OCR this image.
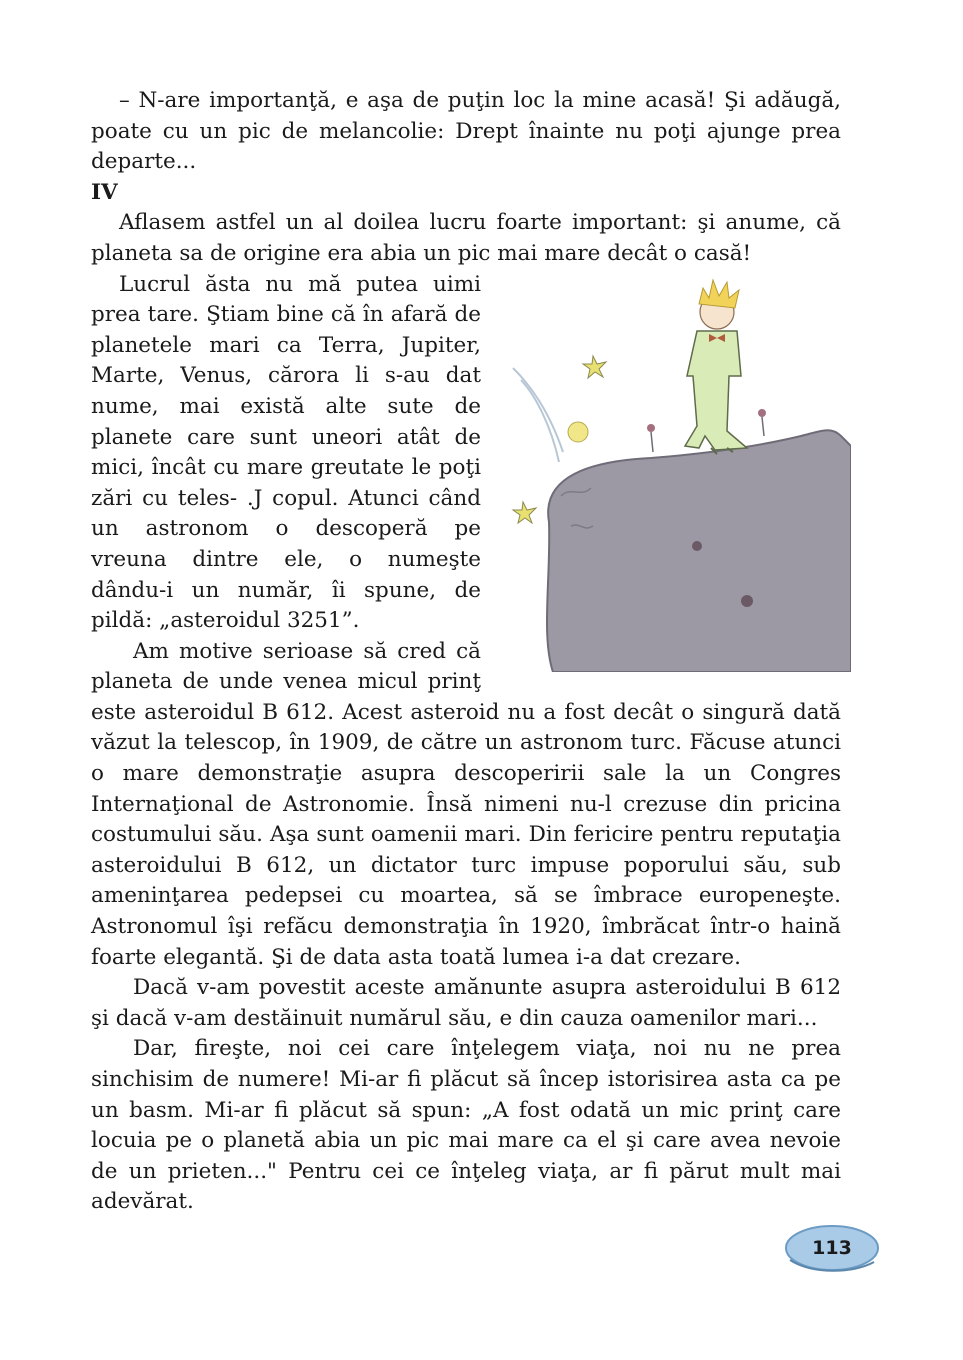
– N-are importanţă, e aşa de puţin loc la mine acasă! Şi adăugă, poate cu un pic de melancolie: Drept înainte nu poţi ajunge prea departe...

IV

Aflasem astfel un al doilea lucru foarte important: şi anume, că planeta sa de origine era abia un pic mai mare decât o casă!

Lucrul ăsta nu mă putea uimi prea tare. Ştiam bine că în afară de planetele mari ca Terra, Jupiter, Marte, Venus, cărora li s-au dat nume, mai există alte sute de planete care sunt uneori atât de mici, încât cu mare greutate le poţi zări cu teles- .J copul. Atunci când un astronom o descoperă pe vreuna dintre ele, o numeşte dându-i un număr, îi spune, de pildă: „asteroidul 3251”.

Am motive serioase să cred că planeta de unde venea micul prinţ este asteroidul B 612. Acest asteroid nu a fost decât o singură dată văzut la telescop, în 1909, de către un astronom turc. Făcuse atunci o mare demonstraţie asupra descoperirii sale la un Congres Internaţional de Astronomie. Însă nimeni nu-l crezuse din pricina costumului său. Aşa sunt oamenii mari. Din fericire pentru reputaţia asteroidului B 612, un dictator turc impuse poporului său, sub ameninţarea pedepsei cu moartea, să se îmbrace europeneşte. Astronomul îşi refăcu demonstraţia în 1920, îmbrăcat într-o haină foarte elegantă. Şi de data asta toată lumea i-a dat crezare.

Dacă v-am povestit aceste amănunte asupra asteroidului B 612 şi dacă v-am destăinuit numărul său, e din cauza oamenilor mari...

Dar, fireşte, noi cei care înţelegem viaţa, noi nu ne prea sinchisim de numere! Mi-ar fi plăcut să încep istorisirea asta ca pe un basm. Mi-ar fi plăcut să spun: „A fost odată un mic prinţ care locuia pe o planetă abia un pic mai mare ca el şi care avea nevoie de un prieten..." Pentru cei ce înţeleg viaţa, ar fi părut mult mai adevărat.

113
